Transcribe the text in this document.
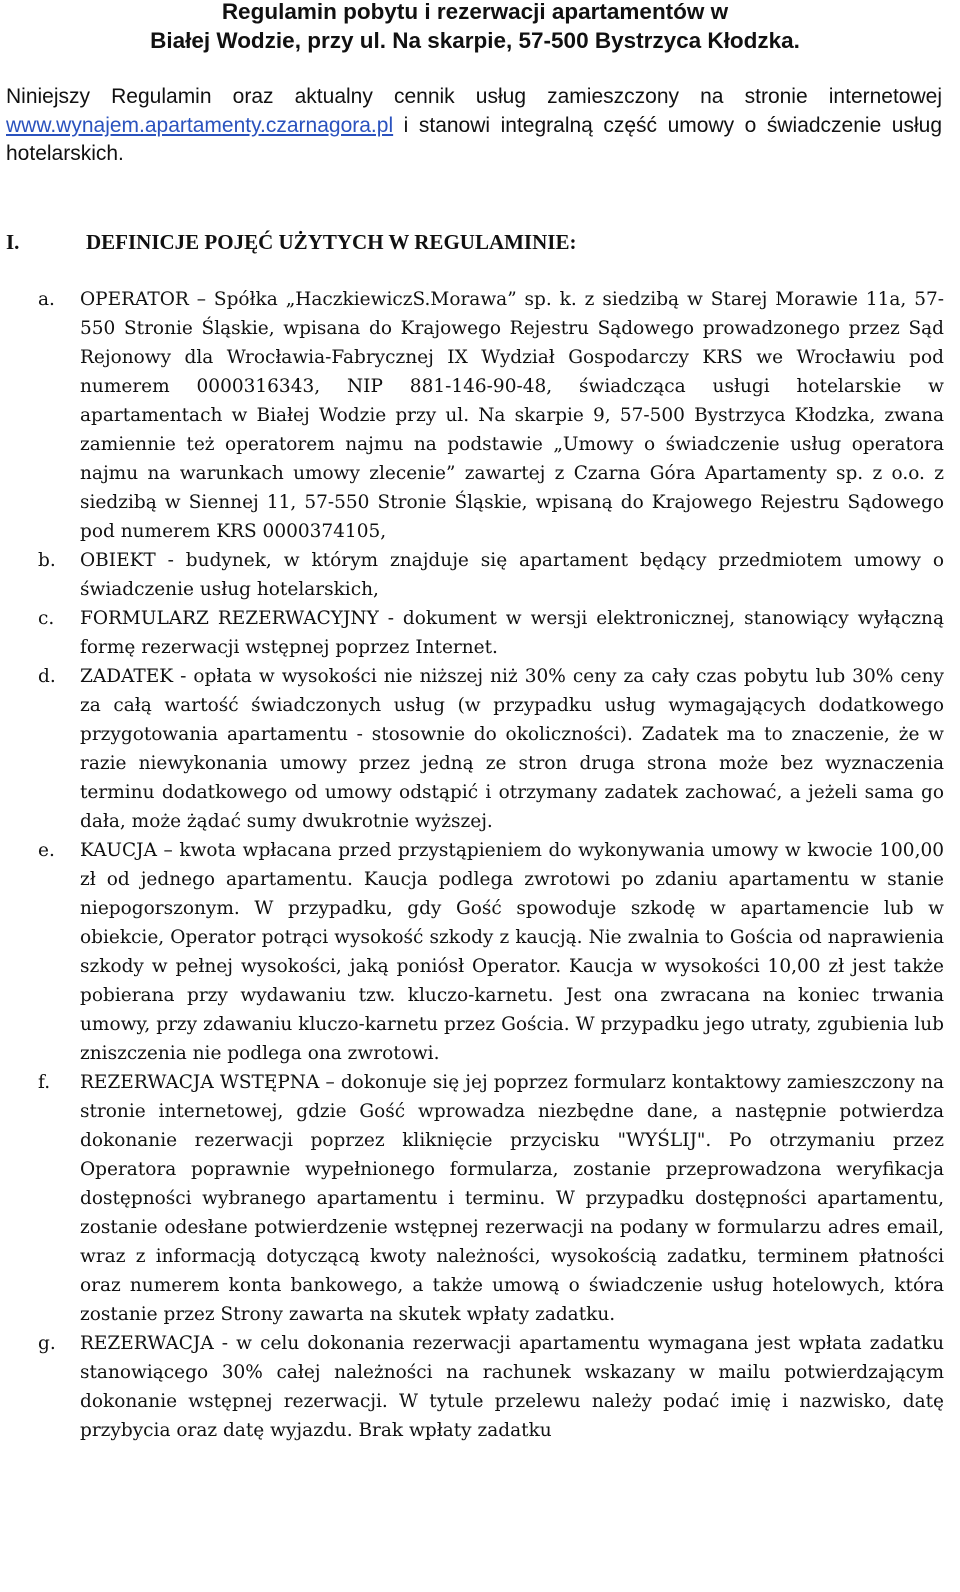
Regulamin pobytu i rezerwacji apartamentów w
Białej Wodzie, przy ul. Na skarpie, 57-500 Bystrzyca Kłodzka.

Niniejszy Regulamin oraz aktualny cennik usług zamieszczony na stronie internetowej www.wynajem.apartamenty.czarnagora.pl i stanowi integralną część umowy o świadczenie usług hotelarskich.

I.	DEFINICJE POJĘĆ UŻYTYCH W REGULAMINIE:
a. OPERATOR – Spółka „HaczkiewiczS.Morawa” sp. k. z siedzibą w Starej Morawie 11a, 57-550 Stronie Śląskie, wpisana do Krajowego Rejestru Sądowego prowadzonego przez Sąd Rejonowy dla Wrocławia-Fabrycznej IX Wydział Gospodarczy KRS we Wrocławiu pod numerem 0000316343, NIP 881-146-90-48, świadcząca usługi hotelarskie w apartamentach w Białej Wodzie przy ul. Na skarpie 9, 57-500 Bystrzyca Kłodzka, zwana zamiennie też operatorem najmu na podstawie „Umowy o świadczenie usług operatora najmu na warunkach umowy zlecenie” zawartej z Czarna Góra Apartamenty sp. z o.o. z siedzibą w Siennej 11, 57-550 Stronie Śląskie, wpisaną do Krajowego Rejestru Sądowego pod numerem KRS 0000374105,
b. OBIEKT - budynek, w którym znajduje się apartament będący przedmiotem umowy o świadczenie usług hotelarskich,
c. FORMULARZ REZERWACYJNY - dokument w wersji elektronicznej, stanowiący wyłączną formę rezerwacji wstępnej poprzez Internet.
d. ZADATEK - opłata w wysokości nie niższej niż 30% ceny za cały czas pobytu lub 30% ceny za całą wartość świadczonych usług (w przypadku usług wymagających dodatkowego przygotowania apartamentu - stosownie do okoliczności). Zadatek ma to znaczenie, że w razie niewykonania umowy przez jedną ze stron druga strona może bez wyznaczenia terminu dodatkowego od umowy odstąpić i otrzymany zadatek zachować, a jeżeli sama go dała, może żądać sumy dwukrotnie wyższej.
e. KAUCJA – kwota wpłacana przed przystąpieniem do wykonywania umowy w kwocie 100,00 zł od jednego apartamentu. Kaucja podlega zwrotowi po zdaniu apartamentu w stanie niepogorszonym. W przypadku, gdy Gość spowoduje szkodę w apartamencie lub w obiekcie, Operator potrąci wysokość szkody z kaucją. Nie zwalnia to Gościa od naprawienia szkody w pełnej wysokości, jaką poniósł Operator. Kaucja w wysokości 10,00 zł jest także pobierana przy wydawaniu tzw. kluczo-karnetu. Jest ona zwracana na koniec trwania umowy, przy zdawaniu kluczo-karnetu przez Gościa. W przypadku jego utraty, zgubienia lub zniszczenia nie podlega ona zwrotowi.
f. REZERWACJA WSTĘPNA – dokonuje się jej poprzez formularz kontaktowy zamieszczony na stronie internetowej, gdzie Gość wprowadza niezbędne dane, a następnie potwierdza dokonanie rezerwacji poprzez kliknięcie przycisku "WYŚLIJ". Po otrzymaniu przez Operatora poprawnie wypełnionego formularza, zostanie przeprowadzona weryfikacja dostępności wybranego apartamentu i terminu. W przypadku dostępności apartamentu, zostanie odesłane potwierdzenie wstępnej rezerwacji na podany w formularzu adres email, wraz z informacją dotyczącą kwoty należności, wysokością zadatku, terminem płatności oraz numerem konta bankowego, a także umową o świadczenie usług hotelowych, która zostanie przez Strony zawarta na skutek wpłaty zadatku.
g. REZERWACJA - w celu dokonania rezerwacji apartamentu wymagana jest wpłata zadatku stanowiącego 30% całej należności na rachunek wskazany w mailu potwierdzającym dokonanie wstępnej rezerwacji. W tytule przelewu należy podać imię i nazwisko, datę przybycia oraz datę wyjazdu. Brak wpłaty zadatku
